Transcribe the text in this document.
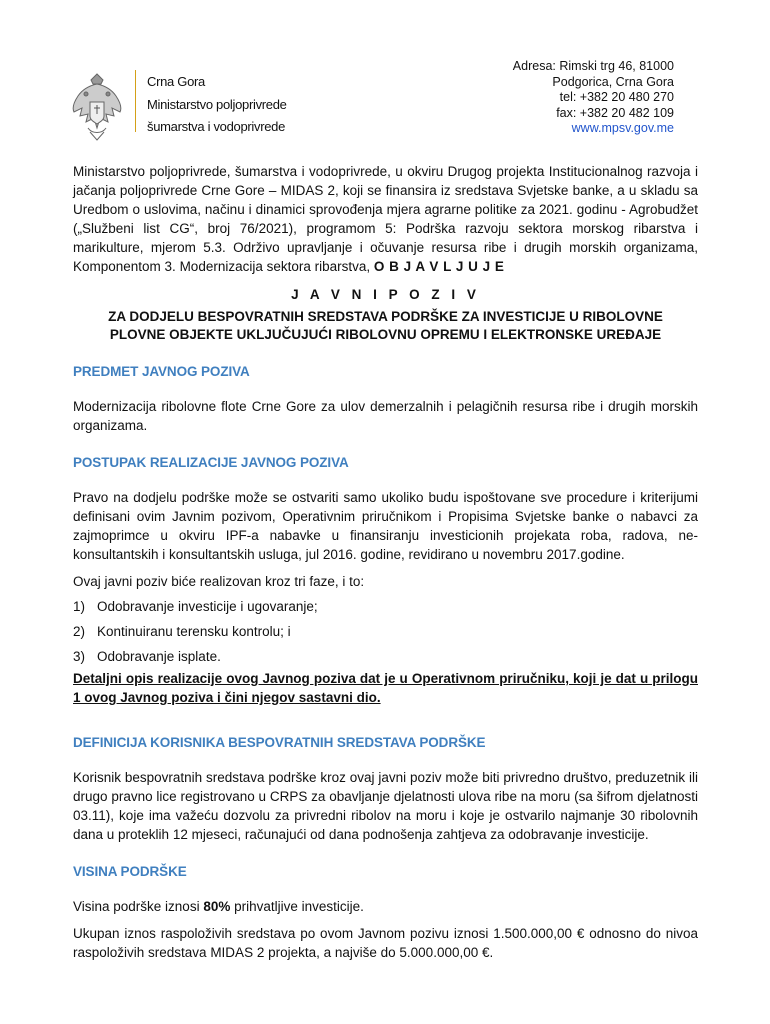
Crna Gora
Ministarstvo poljoprivrede
šumarstva i vodoprivrede
Adresa: Rimski trg 46, 81000
Podgorica, Crna Gora
tel: +382 20 480 270
fax: +382 20 482 109
www.mpsv.gov.me

Ministarstvo poljoprivrede, šumarstva i vodoprivrede, u okviru Drugog projekta Institucionalnog razvoja i jačanja poljoprivrede Crne Gore – MIDAS 2, koji se finansira iz sredstava Svjetske banke, a u skladu sa Uredbom o uslovima, načinu i dinamici sprovođenja mjera agrarne politike za 2021. godinu - Agrobudžet („Službeni list CG“, broj 76/2021), programom 5: Podrška razvoju sektora morskog ribarstva i marikulture, mjerom 5.3. Održivo upravljanje i očuvanje resursa ribe i drugih morskih organizama, Komponentom 3. Modernizacija sektora ribarstva, O B J A V L J U J E

J A V N I P O Z I V
ZA DODJELU BESPOVRATNIH SREDSTAVA PODRŠKE ZA INVESTICIJE U RIBOLOVNE
PLOVNE OBJEKTE UKLJUČUJUĆI RIBOLOVNU OPREMU I ELEKTRONSKE UREĐAJE
PREDMET JAVNOG POZIVA

Modernizacija ribolovne flote Crne Gore za ulov demerzalnih i pelagičnih resursa ribe i drugih morskih organizama.

POSTUPAK REALIZACIJE JAVNOG POZIVA

Pravo na dodjelu podrške može se ostvariti samo ukoliko budu ispoštovane sve procedure i kriterijumi definisani ovim Javnim pozivom, Operativnim priručnikom i Propisima Svjetske banke o nabavci za zajmoprimce u okviru IPF-a nabavke u finansiranju investicionih projekata roba, radova, ne-konsultantskih i konsultantskih usluga, jul 2016. godine, revidirano u novembru 2017.godine.

Ovaj javni poziv biće realizovan kroz tri faze, i to:

1) Odobravanje investicije i ugovaranje;
2) Kontinuiranu terensku kontrolu; i
3) Odobravanje isplate.

Detaljni opis realizacije ovog Javnog poziva dat je u Operativnom priručniku, koji je dat u prilogu 1 ovog Javnog poziva i čini njegov sastavni dio.

DEFINICIJA KORISNIKA BESPOVRATNIH SREDSTAVA PODRŠKE

Korisnik bespovratnih sredstava podrške kroz ovaj javni poziv može biti privredno društvo, preduzetnik ili drugo pravno lice registrovano u CRPS za obavljanje djelatnosti ulova ribe na moru (sa šifrom djelatnosti 03.11), koje ima važeću dozvolu za privredni ribolov na moru i koje je ostvarilo najmanje 30 ribolovnih dana u proteklih 12 mjeseci, računajući od dana podnošenja zahtjeva za odobravanje investicije.

VISINA PODRŠKE

Visina podrške iznosi 80% prihvatljive investicije.

Ukupan iznos raspoloživih sredstava po ovom Javnom pozivu iznosi 1.500.000,00 € odnosno do nivoa raspoloživih sredstava MIDAS 2 projekta, a najviše do 5.000.000,00 €.
